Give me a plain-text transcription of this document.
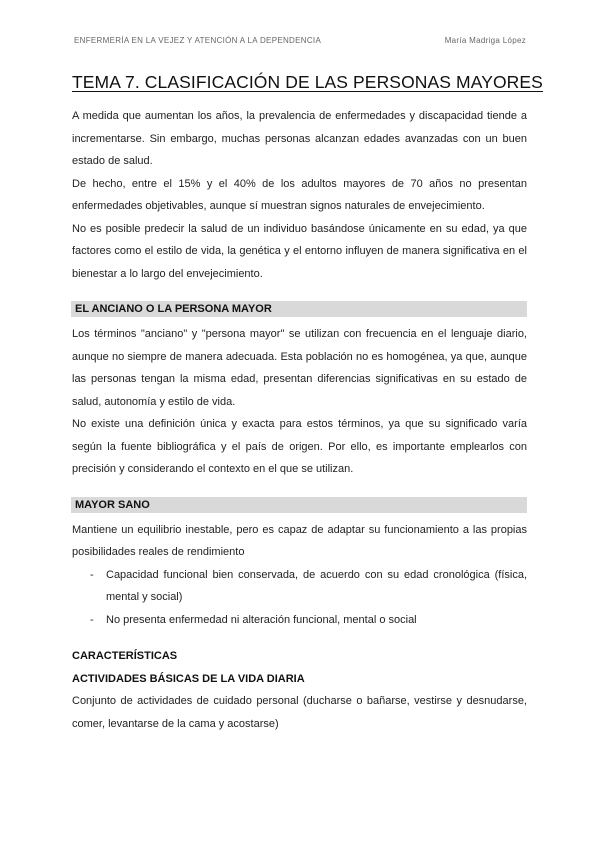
ENFERMERÍA EN LA VEJEZ Y ATENCIÓN A LA DEPENDENCIA	María Madriga López
TEMA 7. CLASIFICACIÓN DE LAS PERSONAS MAYORES

A medida que aumentan los años, la prevalencia de enfermedades y discapacidad tiende a incrementarse. Sin embargo, muchas personas alcanzan edades avanzadas con un buen estado de salud.

De hecho, entre el 15% y el 40% de los adultos mayores de 70 años no presentan enfermedades objetivables, aunque sí muestran signos naturales de envejecimiento.

No es posible predecir la salud de un individuo basándose únicamente en su edad, ya que factores como el estilo de vida, la genética y el entorno influyen de manera significativa en el bienestar a lo largo del envejecimiento.

EL ANCIANO O LA PERSONA MAYOR

Los términos "anciano" y "persona mayor" se utilizan con frecuencia en el lenguaje diario, aunque no siempre de manera adecuada. Esta población no es homogénea, ya que, aunque las personas tengan la misma edad, presentan diferencias significativas en su estado de salud, autonomía y estilo de vida.

No existe una definición única y exacta para estos términos, ya que su significado varía según la fuente bibliográfica y el país de origen. Por ello, es importante emplearlos con precisión y considerando el contexto en el que se utilizan.

MAYOR SANO

Mantiene un equilibrio inestable, pero es capaz de adaptar su funcionamiento a las propias posibilidades reales de rendimiento

- Capacidad funcional bien conservada, de acuerdo con su edad cronológica (física, mental y social)
- No presenta enfermedad ni alteración funcional, mental o social
CARACTERÍSTICAS
ACTIVIDADES BÁSICAS DE LA VIDA DIARIA

Conjunto de actividades de cuidado personal (ducharse o bañarse, vestirse y desnudarse, comer, levantarse de la cama y acostarse)
